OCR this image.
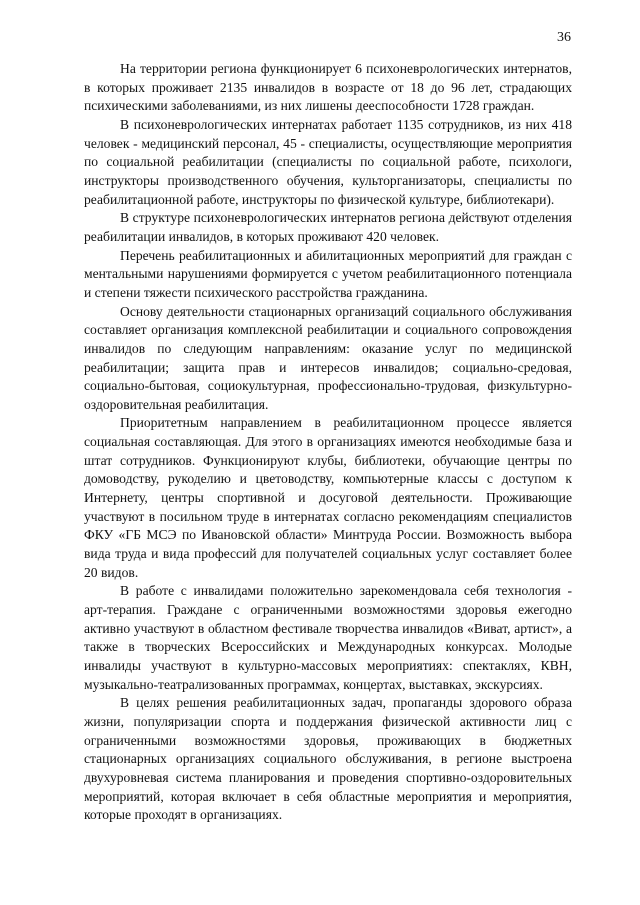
36

На территории региона функционирует 6 психоневрологических интернатов, в которых проживает 2135 инвалидов в возрасте от 18 до 96 лет, страдающих психическими заболеваниями, из них лишены дееспособности 1728 граждан.

В психоневрологических интернатах работает 1135 сотрудников, из них 418 человек - медицинский персонал, 45 - специалисты, осуществляющие мероприятия по социальной реабилитации (специалисты по социальной работе, психологи, инструкторы производственного обучения, культорганизаторы, специалисты по реабилитационной работе, инструкторы по физической культуре, библиотекари).

В структуре психоневрологических интернатов региона действуют отделения реабилитации инвалидов, в которых проживают 420 человек.

Перечень реабилитационных и абилитационных мероприятий для граждан с ментальными нарушениями формируется с учетом реабилитационного потенциала и степени тяжести психического расстройства гражданина.

Основу деятельности стационарных организаций социального обслуживания составляет организация комплексной реабилитации и социального сопровождения инвалидов по следующим направлениям: оказание услуг по медицинской реабилитации; защита прав и интересов инвалидов; социально-средовая, социально-бытовая, социокультурная, профессионально-трудовая, физкультурно-оздоровительная реабилитация.

Приоритетным направлением в реабилитационном процессе является социальная составляющая. Для этого в организациях имеются необходимые база и штат сотрудников. Функционируют клубы, библиотеки, обучающие центры по домоводству, рукоделию и цветоводству, компьютерные классы с доступом к Интернету, центры спортивной и досуговой деятельности. Проживающие участвуют в посильном труде в интернатах согласно рекомендациям специалистов ФКУ «ГБ МСЭ по Ивановской области» Минтруда России. Возможность выбора вида труда и вида профессий для получателей социальных услуг составляет более 20 видов.

В работе с инвалидами положительно зарекомендовала себя технология - арт-терапия. Граждане с ограниченными возможностями здоровья ежегодно активно участвуют в областном фестивале творчества инвалидов «Виват, артист», а также в творческих Всероссийских и Международных конкурсах. Молодые инвалиды участвуют в культурно-массовых мероприятиях: спектаклях, КВН, музыкально-театрализованных программах, концертах, выставках, экскурсиях.

В целях решения реабилитационных задач, пропаганды здорового образа жизни, популяризации спорта и поддержания физической активности лиц с ограниченными возможностями здоровья, проживающих в бюджетных стационарных организациях социального обслуживания, в регионе выстроена двухуровневая система планирования и проведения спортивно-оздоровительных мероприятий, которая включает в себя областные мероприятия и мероприятия, которые проходят в организациях.
